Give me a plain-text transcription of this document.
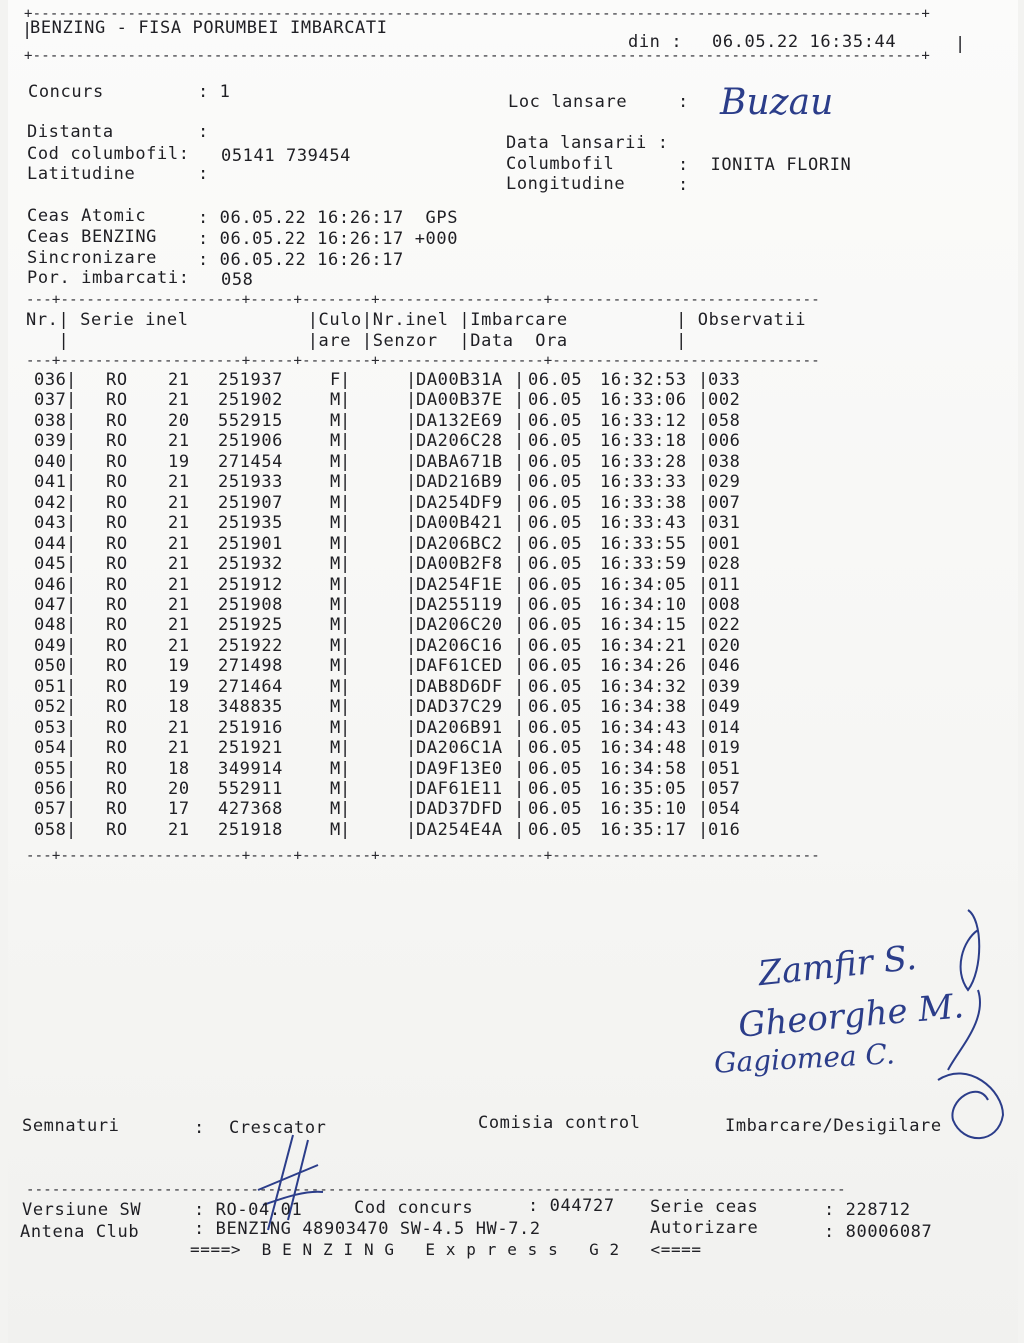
+-------------------------------------------------------------------------------------------------------+
BENZING - FISA PORUMBEI IMBARCATI
|
din : 06.05.22 16:35:44	|
+-------------------------------------------------------------------------------------------------------+
Concurs	: 1	Loc lansare	: Buzau
Distanta	:
Cod columbofil: 05141 739454
Latitudine	:
Data lansarii :
Columbofil	:  IONITA FLORIN
Longitudine	:
Ceas Atomic	: 06.05.22 16:26:17  GPS
Ceas BENZING : 06.05.22 16:26:17 +000
Sincronizare : 06.05.22 16:26:17
Por. imbarcati: 058
---+---------------------+-----+--------+-------------------+-------------------------------
Nr.| Serie inel           |Culo|Nr.inel |Imbarcare          | Observatii
|                      |are |Senzor  |Data  Ora          |
---+---------------------+-----+--------+-------------------+-------------------------------
036 RO 21 251937	F	DA00B31A 06.05 16:32:53 033
|	|	|	|	|
037 RO 21 251902	M	DA00B37E 06.05 16:33:06 002
|	|	|	|	|
038 RO 20 552915	M	DA132E69 06.05 16:33:12 058
|	|	|	|	|
039 RO 21 251906	M	DA206C28 06.05 16:33:18 006
|	|	|	|	|
040 RO 19 271454	M	DABA671B 06.05 16:33:28 038
|	|	|	|	|
041 RO 21 251933	M	DAD216B9 06.05 16:33:33 029
|	|	|	|	|
042 RO 21 251907	M	DA254DF9 06.05 16:33:38 007
|	|	|	|	|
043 RO 21 251935	M	DA00B421 06.05 16:33:43 031
|	|	|	|	|
044 RO 21 251901	M	DA206BC2 06.05 16:33:55 001
|	|	|	|	|
045 RO 21 251932	M	DA00B2F8 06.05 16:33:59 028
|	|	|	|	|
046 RO 21 251912	M	DA254F1E 06.05 16:34:05 011
|	|	|	|	|
047 RO 21 251908	M	DA255119 06.05 16:34:10 008
|	|	|	|	|
048 RO 21 251925	M	DA206C20 06.05 16:34:15 022
|	|	|	|	|
049 RO 21 251922	M	DA206C16 06.05 16:34:21 020
|	|	|	|	|
050 RO 19 271498	M	DAF61CED 06.05 16:34:26 046
|	|	|	|	|
051 RO 19 271464	M	DAB8D6DF 06.05 16:34:32 039
|	|	|	|	|
052 RO 18 348835	M	DAD37C29 06.05 16:34:38 049
|	|	|	|	|
053 RO 21 251916	M	DA206B91 06.05 16:34:43 014
|	|	|	|	|
054 RO 21 251921	M	DA206C1A 06.05 16:34:48 019
|	|	|	|	|
055 RO 18 349914	M	DA9F13E0 06.05 16:34:58 051
|	|	|	|	|
056 RO 20 552911	M	DAF61E11 06.05 16:35:05 057
|	|	|	|	|
057 RO 17 427368	M	DAD37DFD 06.05 16:35:10 054
|	|	|	|	|
058 RO 21 251918	M	DA254E4A 06.05 16:35:17 016
|	|	|	|	|
---+---------------------+-----+--------+-------------------+-------------------------------
Zamfir S.
Gheorghe M.
Gagiomea C.
Semnaturi	: Crescator	Comisia control	Imbarcare/Desigilare
-----------------------------------------------------------------------------------------------
Versiune SW	: RO-04.01	Cod concurs	: 044727 Serie ceas	: 228712
Antena Club	: BENZING 48903470 SW-4.5 HW-7.2	Autorizare	: 80006087
====>  B E N Z I N G   E x p r e s s   G 2   <====
